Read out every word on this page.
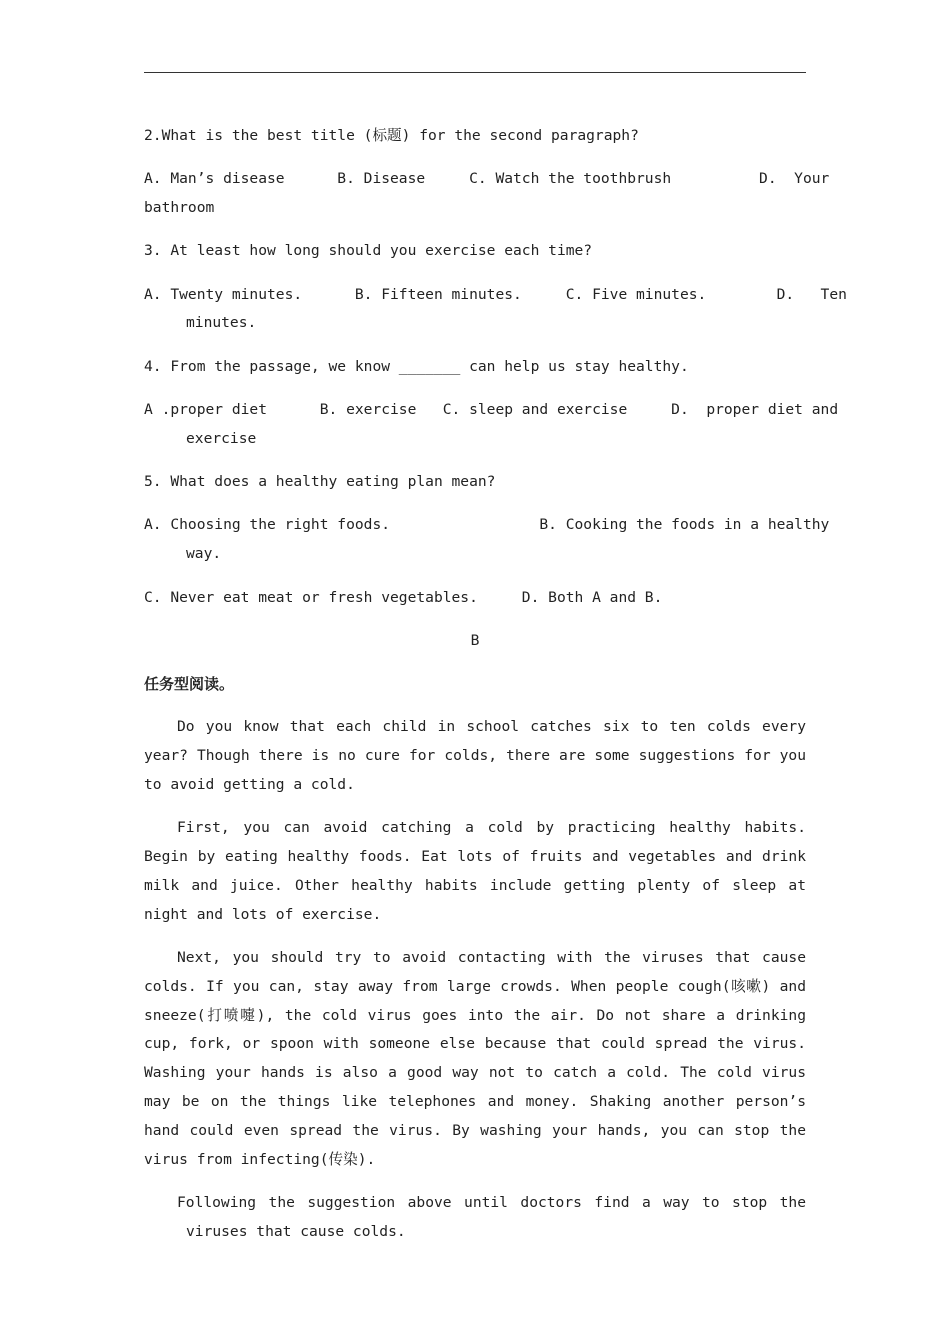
2.What is the best title (标题) for the second paragraph?
A. Man’s disease      B. Disease     C. Watch the toothbrush          D.  Your
bathroom
3. At least how long should you exercise each time?
A. Twenty minutes.      B. Fifteen minutes.     C. Five minutes.        D.   Ten
minutes.
4. From the passage, we know _______ can help us stay healthy.
A .proper diet      B. exercise   C. sleep and exercise     D.  proper diet and
exercise
5. What does a healthy eating plan mean?
A. Choosing the right foods.                 B. Cooking the foods in a healthy
way.
C. Never eat meat or fresh vegetables.     D. Both A and B.
B
任务型阅读。
Do you know that each child in school catches six to ten colds every year? Though there is no cure for colds, there are some suggestions for you to avoid getting a cold.
First, you can avoid catching a cold by practicing healthy habits. Begin by eating healthy foods. Eat lots of fruits and vegetables and drink milk and juice. Other healthy habits include getting plenty of sleep at night and lots of exercise.
Next, you should try to avoid contacting with the viruses that cause colds. If you can, stay away from large crowds. When people cough(咳嗽) and sneeze(打喷嚏), the cold virus goes into the air. Do not share a drinking cup, fork, or spoon with someone else because that could spread the virus. Washing your hands is also a good way not to catch a cold. The cold virus may be on the things like telephones and money. Shaking another person’s hand could even spread the virus. By washing your hands, you can stop the virus from infecting(传染).
Following the suggestion above until doctors find a way to stop the viruses that cause colds.
